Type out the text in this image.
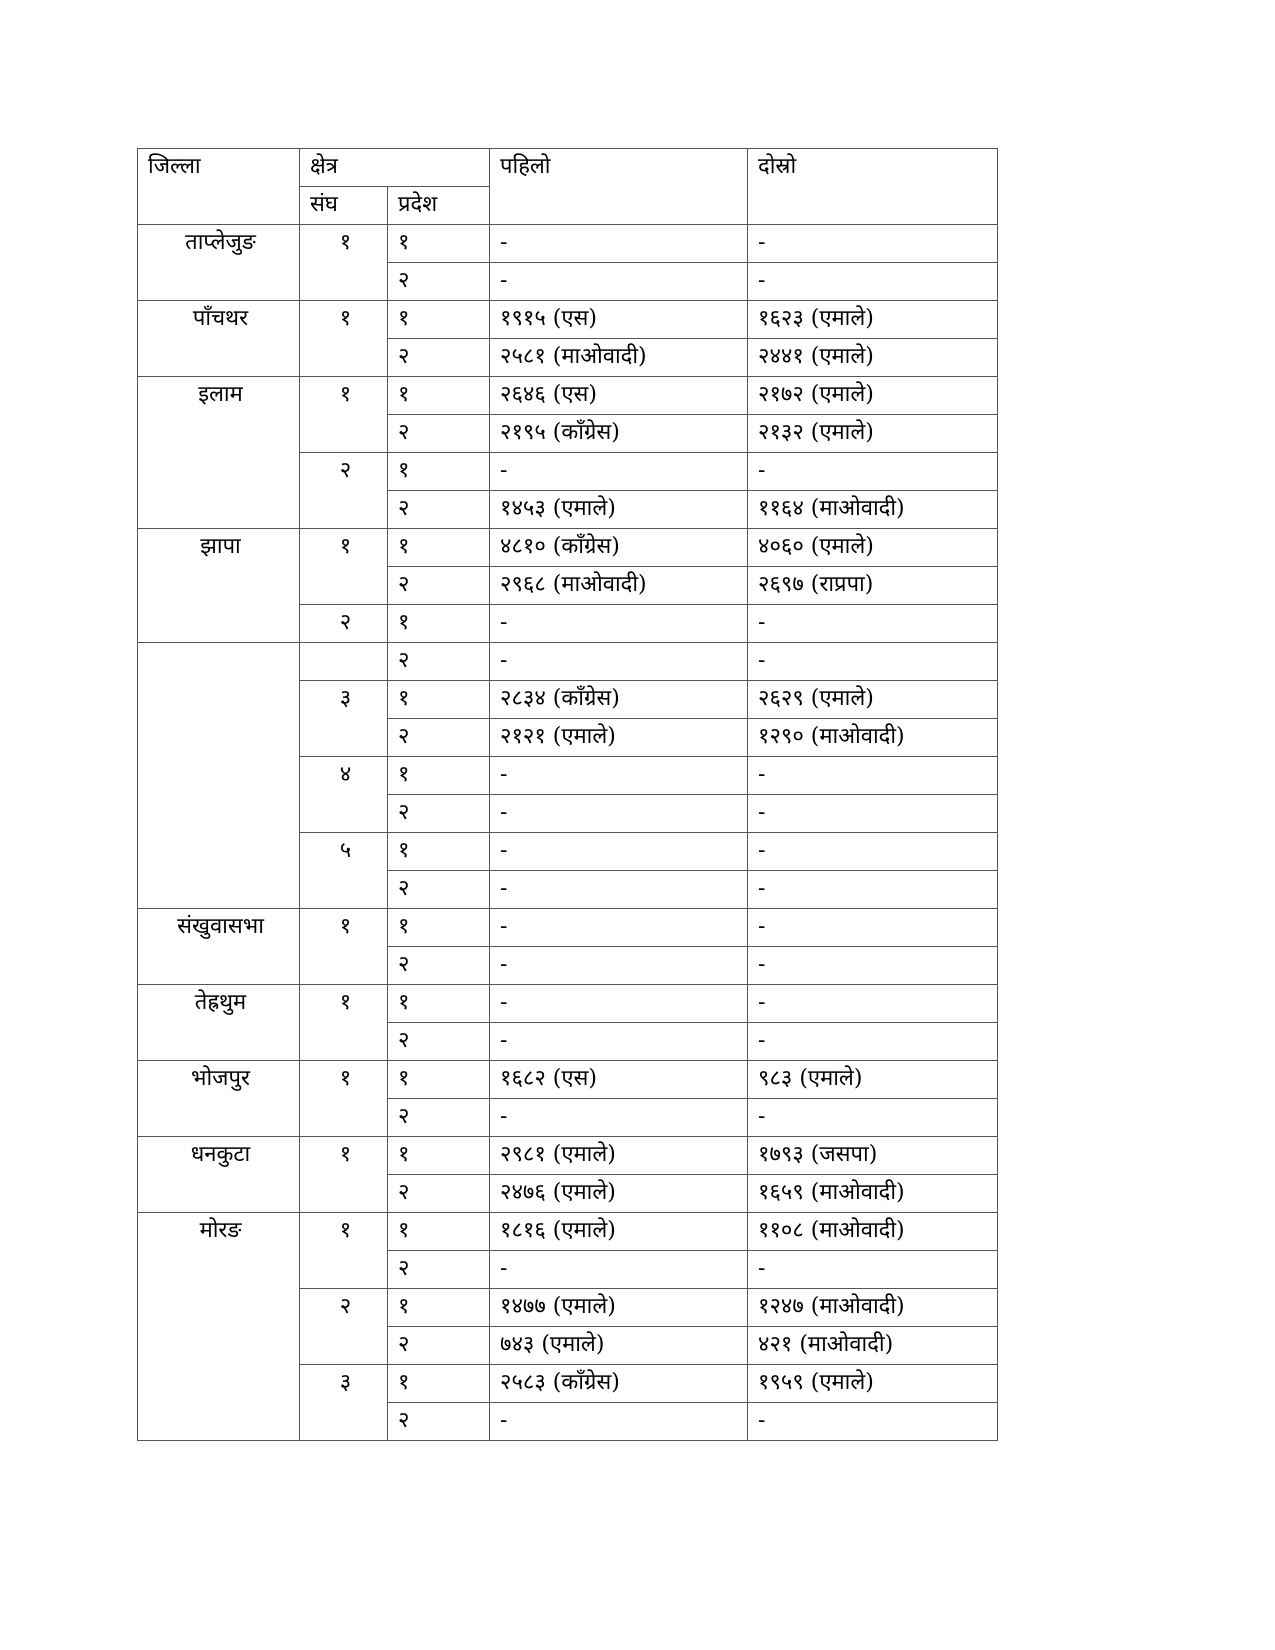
जिल्ला	क्षेत्र		पहिलो	दोस्रो
	संघ	प्रदेश		
ताप्लेजुङ	१	१	-	-
		२	-	-
पाँचथर	१	१	१९१५ (एस)	१६२३ (एमाले)
		२	२५८१ (माओवादी)	२४४१ (एमाले)
इलाम	१	१	२६४६ (एस)	२१७२ (एमाले)
		२	२१९५ (काँग्रेस)	२१३२ (एमाले)
	२	१	-	-
		२	१४५३ (एमाले)	११६४ (माओवादी)
झापा	१	१	४८१० (काँग्रेस)	४०६० (एमाले)
		२	२९६८ (माओवादी)	२६९७ (राप्रपा)
	२	१	-	-
		२	-	-
	३	१	२८३४ (काँग्रेस)	२६२९ (एमाले)
		२	२१२१ (एमाले)	१२९० (माओवादी)
	४	१	-	-
		२	-	-
	५	१	-	-
		२	-	-
संखुवासभा	१	१	-	-
		२	-	-
तेह्रथुम	१	१	-	-
		२	-	-
भोजपुर	१	१	१६८२ (एस)	९८३ (एमाले)
		२	-	-
धनकुटा	१	१	२९८१ (एमाले)	१७९३ (जसपा)
		२	२४७६ (एमाले)	१६५९ (माओवादी)
मोरङ	१	१	१८१६ (एमाले)	११०८ (माओवादी)
		२	-	-
	२	१	१४७७ (एमाले)	१२४७ (माओवादी)
		२	७४३ (एमाले)	४२१ (माओवादी)
	३	१	२५८३ (काँग्रेस)	१९५९ (एमाले)
		२	-	-
